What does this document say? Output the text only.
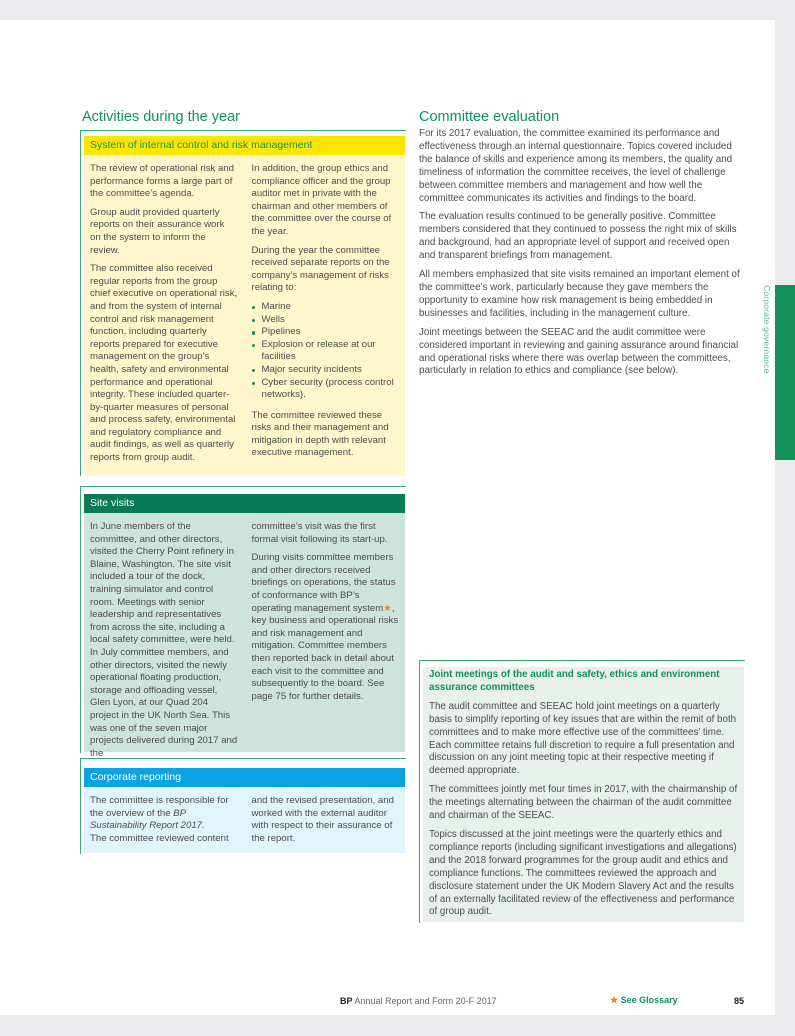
Activities during the year
System of internal control and risk management

The review of operational risk and performance forms a large part of the committee’s agenda.

Group audit provided quarterly reports on their assurance work on the system to inform the review.

The committee also received regular reports from the group chief executive on operational risk, and from the system of internal control and risk management function, including quarterly reports prepared for executive management on the group’s health, safety and environmental performance and operational integrity. These included quarter-by-quarter measures of personal and process safety, environmental and regulatory compliance and audit findings, as well as quarterly reports from group audit.

In addition, the group ethics and compliance officer and the group auditor met in private with the chairman and other members of the committee over the course of the year.

During the year the committee received separate reports on the company’s management of risks relating to:

Marine
Wells
Pipelines
Explosion or release at our facilities
Major security incidents
Cyber security (process control networks).

The committee reviewed these risks and their management and mitigation in depth with relevant executive management.

Site visits

In June members of the committee, and other directors, visited the Cherry Point refinery in Blaine, Washington. The site visit included a tour of the dock, training simulator and control room. Meetings with senior leadership and representatives from across the site, including a local safety committee, were held. In July committee members, and other directors, visited the newly operational floating production, storage and offloading vessel, Glen Lyon, at our Quad 204 project in the UK North Sea. This was one of the seven major projects delivered during 2017 and the

committee’s visit was the first formal visit following its start-up.

During visits committee members and other directors received briefings on operations, the status of conformance with BP’s operating management system★, key business and operational risks and risk management and mitigation. Committee members then reported back in detail about each visit to the committee and subsequently to the board. See page 75 for further details.

Corporate reporting

The committee is responsible for the overview of the BP Sustainability Report 2017.
The committee reviewed content

and the revised presentation, and worked with the external auditor with respect to their assurance of the report.

Committee evaluation

For its 2017 evaluation, the committee examined its performance and effectiveness through an internal questionnaire. Topics covered included the balance of skills and experience among its members, the quality and timeliness of information the committee receives, the level of challenge between committee members and management and how well the committee communicates its activities and findings to the board.

The evaluation results continued to be generally positive. Committee members considered that they continued to possess the right mix of skills and background, had an appropriate level of support and received open and transparent briefings from management.

All members emphasized that site visits remained an important element of the committee’s work, particularly because they gave members the opportunity to examine how risk management is being embedded in businesses and facilities, including in the management culture.

Joint meetings between the SEEAC and the audit committee were considered important in reviewing and gaining assurance around financial and operational risks where there was overlap between the committees, particularly in relation to ethics and compliance (see below).

Joint meetings of the audit and safety, ethics and environment assurance committees

The audit committee and SEEAC hold joint meetings on a quarterly basis to simplify reporting of key issues that are within the remit of both committees and to make more effective use of the committees’ time. Each committee retains full discretion to require a full presentation and discussion on any joint meeting topic at their respective meeting if deemed appropriate.

The committees jointly met four times in 2017, with the chairmanship of the meetings alternating between the chairman of the audit committee and chairman of the SEEAC.

Topics discussed at the joint meetings were the quarterly ethics and compliance reports (including significant investigations and allegations) and the 2018 forward programmes for the group audit and ethics and compliance functions. The committees reviewed the approach and disclosure statement under the UK Modern Slavery Act and the results of an externally facilitated review of the effectiveness and performance of group audit.

BP Annual Report and Form 20-F 2017	★ See Glossary	85
Corporate governance
